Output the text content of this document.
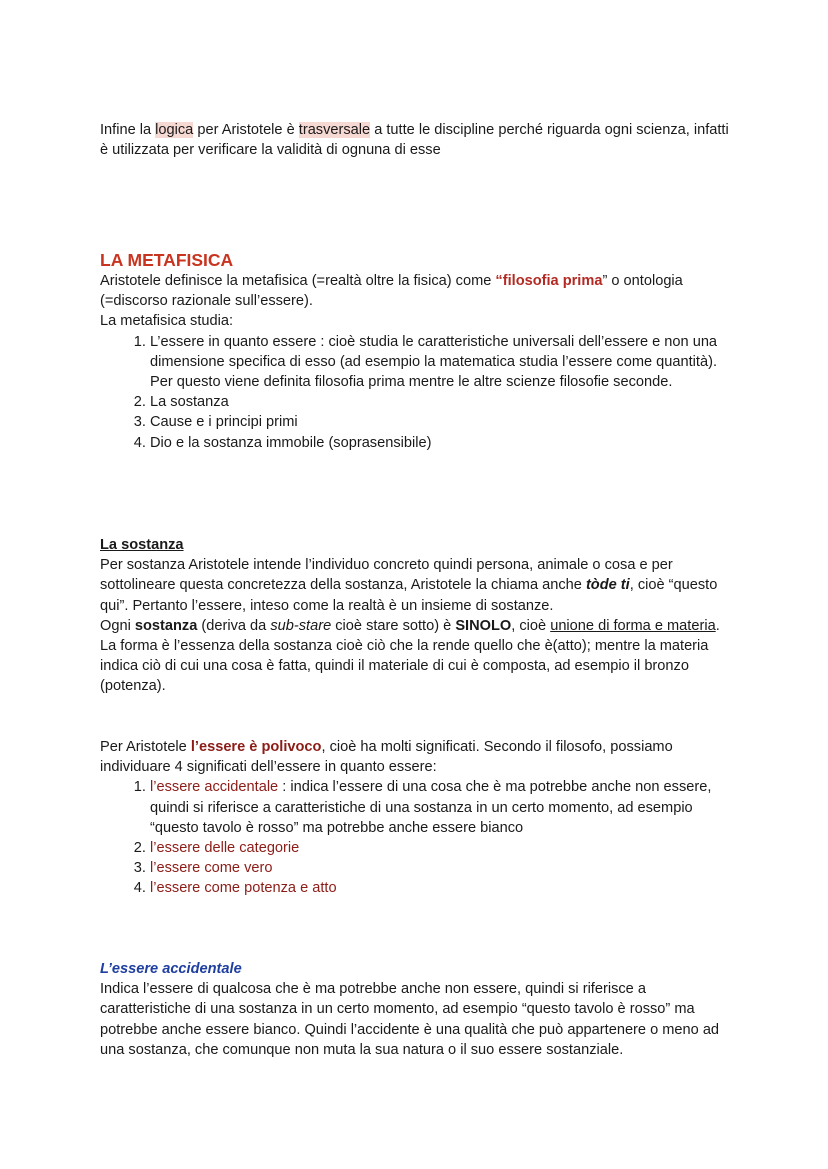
Infine la logica per Aristotele è trasversale a tutte le discipline perché riguarda ogni scienza, infatti è utilizzata per verificare la validità di ognuna di esse

LA METAFISICA

Aristotele definisce la metafisica (=realtà oltre la fisica) come “filosofia prima” o ontologia (=discorso razionale sull’essere).

La metafisica studia:

1. L’essere in quanto essere : cioè studia le caratteristiche universali dell’essere e non una dimensione specifica di esso (ad esempio la matematica studia l’essere come quantità). Per questo viene definita filosofia prima mentre le altre scienze filosofie seconde.
2. La sostanza
3. Cause e i principi primi
4. Dio e la sostanza immobile (soprasensibile)

La sostanza

Per sostanza Aristotele intende l’individuo concreto quindi persona, animale o cosa e per sottolineare questa concretezza della sostanza, Aristotele la chiama anche tòde ti, cioè “questo qui”. Pertanto l’essere, inteso come la realtà è un insieme di sostanze.

Ogni sostanza (deriva da sub-stare cioè stare sotto) è SINOLO, cioè unione di forma e materia. La forma è l’essenza della sostanza cioè ciò che la rende quello che è(atto); mentre la materia indica ciò di cui una cosa è fatta, quindi il materiale di cui è composta, ad esempio il bronzo (potenza).

Per Aristotele l’essere è polivoco, cioè ha molti significati. Secondo il filosofo, possiamo individuare 4 significati dell’essere in quanto essere:

1. l’essere accidentale : indica l’essere di una cosa che è ma potrebbe anche non essere, quindi si riferisce a caratteristiche di una sostanza in un certo momento, ad esempio “questo tavolo è rosso” ma potrebbe anche essere bianco
2. l’essere delle categorie
3. l’essere come vero
4. l’essere come potenza e atto

L’essere accidentale

Indica l’essere di qualcosa che è ma potrebbe anche non essere, quindi si riferisce a caratteristiche di una sostanza in un certo momento, ad esempio “questo tavolo è rosso” ma potrebbe anche essere bianco. Quindi l’accidente è una qualità che può appartenere o meno ad una sostanza, che comunque non muta la sua natura o il suo essere sostanziale.
